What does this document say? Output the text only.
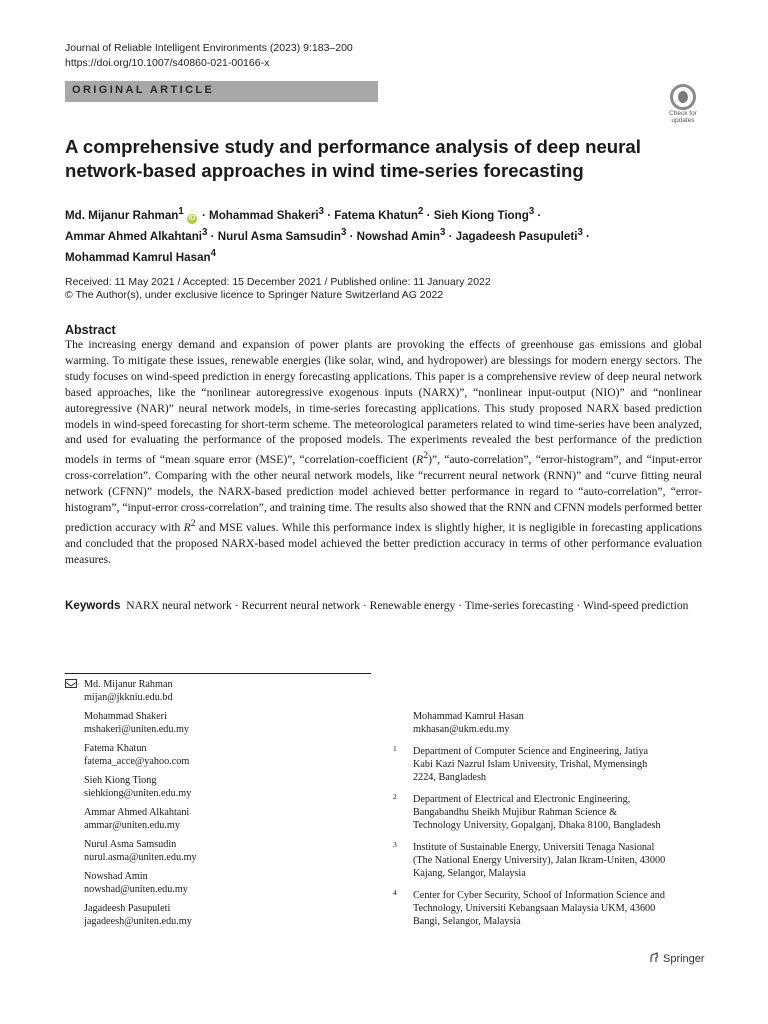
Journal of Reliable Intelligent Environments (2023) 9:183–200
https://doi.org/10.1007/s40860-021-00166-x
ORIGINAL ARTICLE
Check for
updates
A comprehensive study and performance analysis of deep neural
network-based approaches in wind time-series forecasting
Md. Mijanur Rahman$^1$iD · Mohammad Shakeri$^3$ · Fatema Khatun$^2$ · Sieh Kiong Tiong$^3$ ·
Ammar Ahmed Alkahtani$^3$ · Nurul Asma Samsudin$^3$ · Nowshad Amin$^3$ · Jagadeesh Pasupuleti$^3$ ·
Mohammad Kamrul Hasan$^4$
Received: 11 May 2021 / Accepted: 15 December 2021 / Published online: 11 January 2022
© The Author(s), under exclusive licence to Springer Nature Switzerland AG 2022
Abstract
The increasing energy demand and expansion of power plants are provoking the effects of greenhouse gas emissions and global warming. To mitigate these issues, renewable energies (like solar, wind, and hydropower) are blessings for modern energy sectors. The study focuses on wind-speed prediction in energy forecasting applications. This paper is a comprehensive review of deep neural network based approaches, like the “nonlinear autoregressive exogenous inputs (NARX)”, “nonlinear input-output (NIO)” and “nonlinear autoregressive (NAR)” neural network models, in time-series forecasting applications. This study proposed NARX based prediction models in wind-speed forecasting for short-term scheme. The meteorological parameters related to wind time-series have been analyzed, and used for evaluating the performance of the proposed models. The experiments revealed the best performance of the prediction models in terms of “mean square error (MSE)”, “correlation-coefficient $(R^2)$”, “auto-correlation”, “error-histogram”, and “input-error cross-correlation”. Comparing with the other neural network models, like “recurrent neural network (RNN)” and “curve fitting neural network (CFNN)” models, the NARX-based prediction model achieved better performance in regard to “auto-correlation”, “error-histogram”, “input-error cross-correlation”, and training time. The results also showed that the RNN and CFNN models performed better prediction accuracy with $R^2$ and MSE values. While this performance index is slightly higher, it is negligible in forecasting applications and concluded that the proposed NARX-based model achieved the better prediction accuracy in terms of other performance evaluation measures.
Keywords NARX neural network · Recurrent neural network · Renewable energy · Time-series forecasting · Wind-speed prediction
Md. Mijanur Rahman
mijan@jkkniu.edu.bd
Mohammad Shakeri
mshakeri@uniten.edu.my
Fatema Khatun
fatema_acce@yahoo.com
Sieh Kiong Tiong
siehkiong@uniten.edu.my
Ammar Ahmed Alkahtani
ammar@uniten.edu.my
Nurul Asma Samsudin
nurul.asma@uniten.edu.my
Nowshad Amin
nowshad@uniten.edu.my
Jagadeesh Pasupuleti
jagadeesh@uniten.edu.my
Mohammad Kamrul Hasan
mkhasan@ukm.edu.my
1 Department of Computer Science and Engineering, Jatiya
Kabi Kazi Nazrul Islam University, Trishal, Mymensingh
2224, Bangladesh
2 Department of Electrical and Electronic Engineering,
Bangabandhu Sheikh Mujibur Rahman Science &
Technology University, Gopalganj, Dhaka 8100, Bangladesh
3 Institute of Sustainable Energy, Universiti Tenaga Nasional
(The National Energy University), Jalan Ikram-Uniten, 43000
Kajang, Selangor, Malaysia
4 Center for Cyber Security, School of Information Science and
Technology, Universiti Kebangsaan Malaysia UKM, 43600
Bangi, Selangor, Malaysia
Springer
